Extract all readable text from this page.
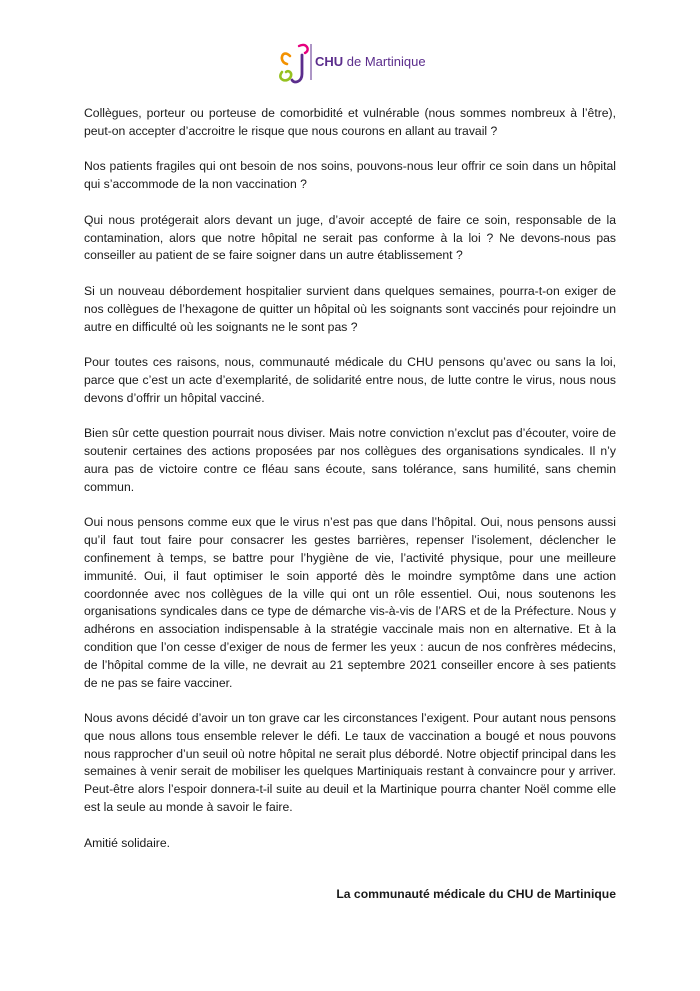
CHU de Martinique

Collègues, porteur ou porteuse de comorbidité et vulnérable (nous sommes nombreux à l’être), peut-on accepter d’accroitre le risque que nous courons en allant au travail ?

Nos patients fragiles qui ont besoin de nos soins, pouvons-nous leur offrir ce soin dans un hôpital qui s’accommode de la non vaccination ?

Qui nous protégerait alors devant un juge, d’avoir accepté de faire ce soin, responsable de la contamination, alors que notre hôpital ne serait pas conforme à la loi ? Ne devons-nous pas conseiller au patient de se faire soigner dans un autre établissement ?

Si un nouveau débordement hospitalier survient dans quelques semaines, pourra-t-on exiger de nos collègues de l’hexagone de quitter un hôpital où les soignants sont vaccinés pour rejoindre un autre en difficulté où les soignants ne le sont pas ?

Pour toutes ces raisons, nous, communauté médicale du CHU pensons qu’avec ou sans la loi, parce que c’est un acte d’exemplarité, de solidarité entre nous, de lutte contre le virus, nous nous devons d’offrir un hôpital vacciné.

Bien sûr cette question pourrait nous diviser. Mais notre conviction n’exclut pas d’écouter, voire de soutenir certaines des actions proposées par nos collègues des organisations syndicales. Il n’y aura pas de victoire contre ce fléau sans écoute, sans tolérance, sans humilité, sans chemin commun.

Oui nous pensons comme eux que le virus n’est pas que dans l’hôpital. Oui, nous pensons aussi qu’il faut tout faire pour consacrer les gestes barrières, repenser l’isolement, déclencher le confinement à temps, se battre pour l’hygiène de vie, l’activité physique, pour une meilleure immunité. Oui, il faut optimiser le soin apporté dès le moindre symptôme dans une action coordonnée avec nos collègues de la ville qui ont un rôle essentiel. Oui, nous soutenons les organisations syndicales dans ce type de démarche vis-à-vis de l’ARS et de la Préfecture. Nous y adhérons en association indispensable à la stratégie vaccinale mais non en alternative. Et à la condition que l’on cesse d’exiger de nous de fermer les yeux : aucun de nos confrères médecins, de l’hôpital comme de la ville, ne devrait au 21 septembre 2021 conseiller encore à ses patients de ne pas se faire vacciner.

Nous avons décidé d’avoir un ton grave car les circonstances l’exigent. Pour autant nous pensons que nous allons tous ensemble relever le défi. Le taux de vaccination a bougé et nous pouvons nous rapprocher d’un seuil où notre hôpital ne serait plus débordé. Notre objectif principal dans les semaines à venir serait de mobiliser les quelques Martiniquais restant à convaincre pour y arriver. Peut-être alors l’espoir donnera-t-il suite au deuil et la Martinique pourra chanter Noël comme elle est la seule au monde à savoir le faire.

Amitié solidaire.

La communauté médicale du CHU de Martinique
